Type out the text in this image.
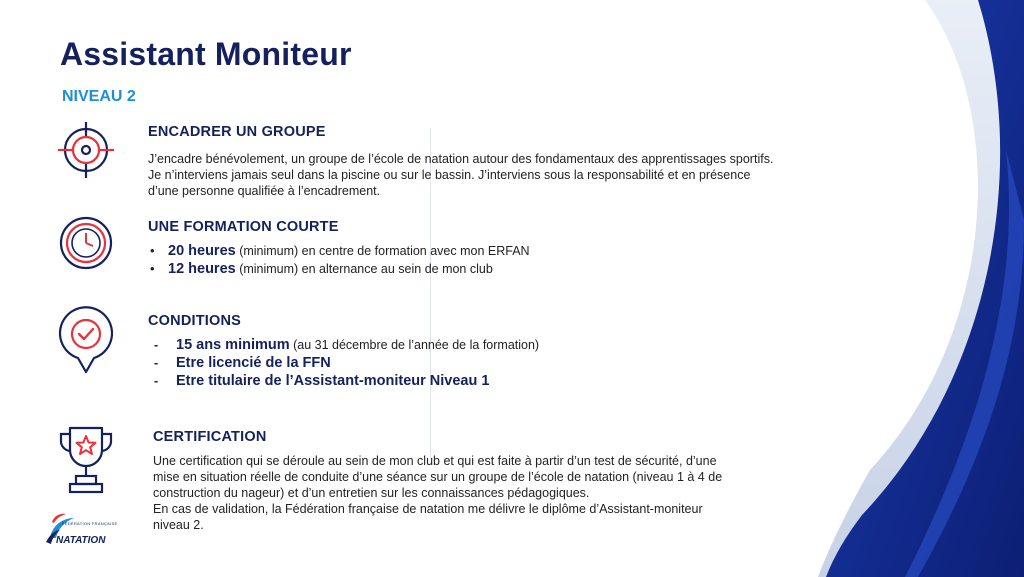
Assistant Moniteur
NIVEAU 2
ENCADRER UN GROUPE

J’encadre bénévolement, un groupe de l’école de natation autour des fondamentaux des apprentissages sportifs.

Je n’interviens jamais seul dans la piscine ou sur le bassin. J’interviens sous la responsabilité et en présence

d’une personne qualifiée à l’encadrement.

UNE FORMATION COURTE
• 20 heures (minimum) en centre de formation avec mon ERFAN
• 12 heures (minimum) en alternance au sein de mon club
CONDITIONS
- 15 ans minimum (au 31 décembre de l’année de la formation)
- Etre licencié de la FFN
- Etre titulaire de l’Assistant-moniteur Niveau 1
CERTIFICATION

Une certification qui se déroule au sein de mon club et qui est faite à partir d’un test de sécurité, d’une

mise en situation réelle de conduite d’une séance sur un groupe de l’école de natation (niveau 1 à 4 de

construction du nageur) et d’un entretien sur les connaissances pédagogiques.

En cas de validation, la Fédération française de natation me délivre le diplôme d’Assistant-moniteur

niveau 2.

FÉDÉRATION FRANÇAISE
NATATION
